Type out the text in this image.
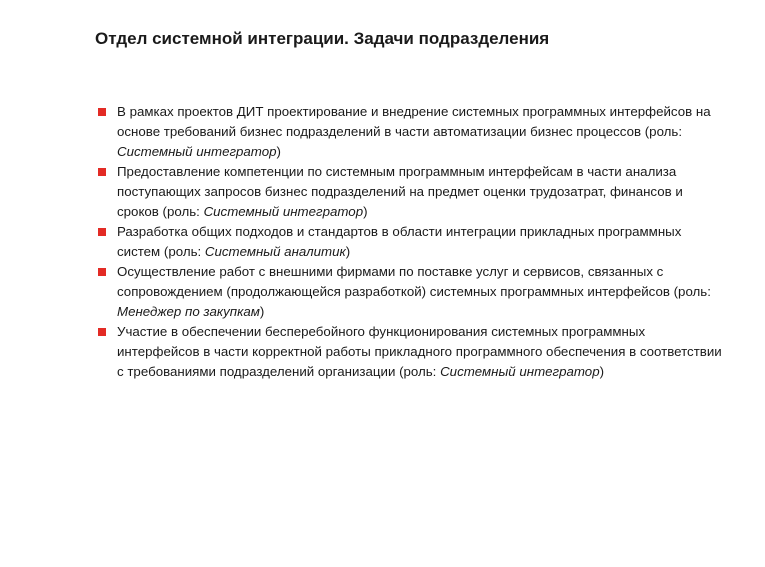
Отдел системной интеграции. Задачи подразделения
В рамках проектов ДИТ проектирование и внедрение системных программных интерфейсов на основе требований бизнес подразделений в части автоматизации бизнес процессов (роль: Системный интегратор)
Предоставление компетенции по системным программным интерфейсам в части анализа поступающих запросов бизнес подразделений на предмет оценки трудозатрат, финансов и сроков (роль: Системный интегратор)
Разработка общих подходов и стандартов в области интеграции прикладных программных систем (роль: Системный аналитик)
Осуществление работ с внешними фирмами по поставке услуг и сервисов, связанных с сопровождением (продолжающейся разработкой) системных программных интерфейсов (роль: Менеджер по закупкам)
Участие в обеспечении бесперебойного функционирования системных программных интерфейсов в части корректной работы прикладного программного обеспечения в соответствии с требованиями подразделений организации (роль: Системный интегратор)
